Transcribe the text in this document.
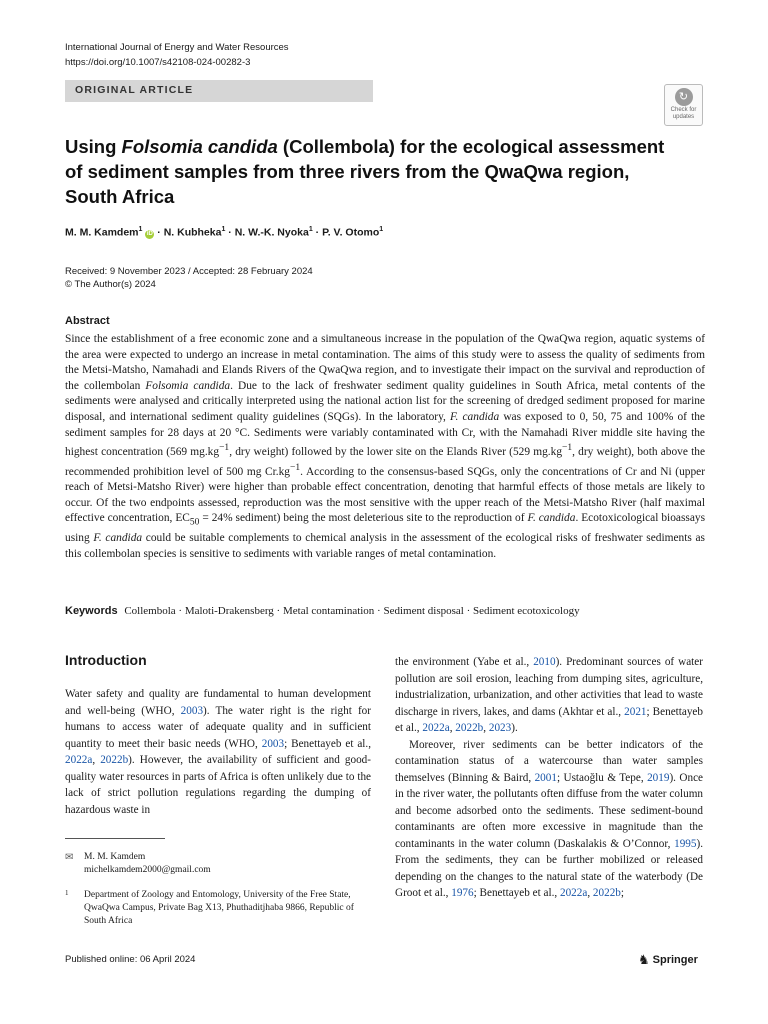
International Journal of Energy and Water Resources
https://doi.org/10.1007/s42108-024-00282-3
ORIGINAL ARTICLE
↻
Check for
updates
Using Folsomia candida (Collembola) for the ecological assessment of sediment samples from three rivers from the QwaQwa region, South Africa
M. M. Kamdem$^1$ iD · N. Kubheka$^1$ · N. W.-K. Nyoka$^1$ · P. V. Otomo$^1$
Received: 9 November 2023 / Accepted: 28 February 2024
© The Author(s) 2024
Abstract
Since the establishment of a free economic zone and a simultaneous increase in the population of the QwaQwa region, aquatic systems of the area were expected to undergo an increase in metal contamination. The aims of this study were to assess the quality of sediments from the Metsi-Matsho, Namahadi and Elands Rivers of the QwaQwa region, and to investigate their impact on the survival and reproduction of the collembolan Folsomia candida. Due to the lack of freshwater sediment quality guidelines in South Africa, metal contents of the sediments were analysed and critically interpreted using the national action list for the screening of dredged sediment proposed for marine disposal, and international sediment quality guidelines (SQGs). In the laboratory, F. candida was exposed to 0, 50, 75 and 100% of the sediment samples for 28 days at 20 °C. Sediments were variably contaminated with Cr, with the Namahadi River middle site having the highest concentration (569 $mg.kg^{-1}$, dry weight) followed by the lower site on the Elands River (529 $mg.kg^{-1}$, dry weight), both above the recommended prohibition level of 500 mg $Cr.kg^{-1}$. According to the consensus-based SQGs, only the concentrations of Cr and Ni (upper reach of Metsi-Matsho River) were higher than probable effect concentration, denoting that harmful effects of those metals are likely to occur. Of the two endpoints assessed, reproduction was the most sensitive with the upper reach of the Metsi-Matsho River (half maximal effective concentration, $EC_{50} = 24\%$ sediment) being the most deleterious site to the reproduction of F. candida. Ecotoxicological bioassays using F. candida could be suitable complements to chemical analysis in the assessment of the ecological risks of freshwater sediments as this collembolan species is sensitive to sediments with variable ranges of metal contamination.
Keywords Collembola · Maloti-Drakensberg · Metal contamination · Sediment disposal · Sediment ecotoxicology
Introduction
Water safety and quality are fundamental to human development and well-being (WHO, 2003). The water right is the right for humans to access water of adequate quality and in sufficient quantity to meet their basic needs (WHO, 2003; Benettayeb et al., 2022a, 2022b). However, the availability of sufficient and good-quality water resources in parts of Africa is often unlikely due to the lack of strict pollution regulations regarding the dumping of hazardous waste in

the environment (Yabe et al., 2010). Predominant sources of water pollution are soil erosion, leaching from dumping sites, agriculture, industrialization, urbanization, and other activities that lead to waste discharge in rivers, lakes, and dams (Akhtar et al., 2021; Benettayeb et al., 2022a, 2022b, 2023).

Moreover, river sediments can be better indicators of the contamination status of a watercourse than water samples themselves (Binning & Baird, 2001; Ustaoğlu & Tepe, 2019). Once in the river water, the pollutants often diffuse from the water column and become adsorbed onto the sediments. These sediment-bound contaminants are often more excessive in magnitude than the contaminants in the water column (Daskalakis & O’Connor, 1995). From the sediments, they can be further mobilized or released depending on the changes to the natural state of the waterbody (De Groot et al., 1976; Benettayeb et al., 2022a, 2022b;

✉ M. M. Kamdem
michelkamdem2000@gmail.com
1 Department of Zoology and Entomology, University of the Free State, QwaQwa Campus, Private Bag X13, Phuthaditjhaba 9866, Republic of South Africa
Published online: 06 April 2024	♞ Springer
